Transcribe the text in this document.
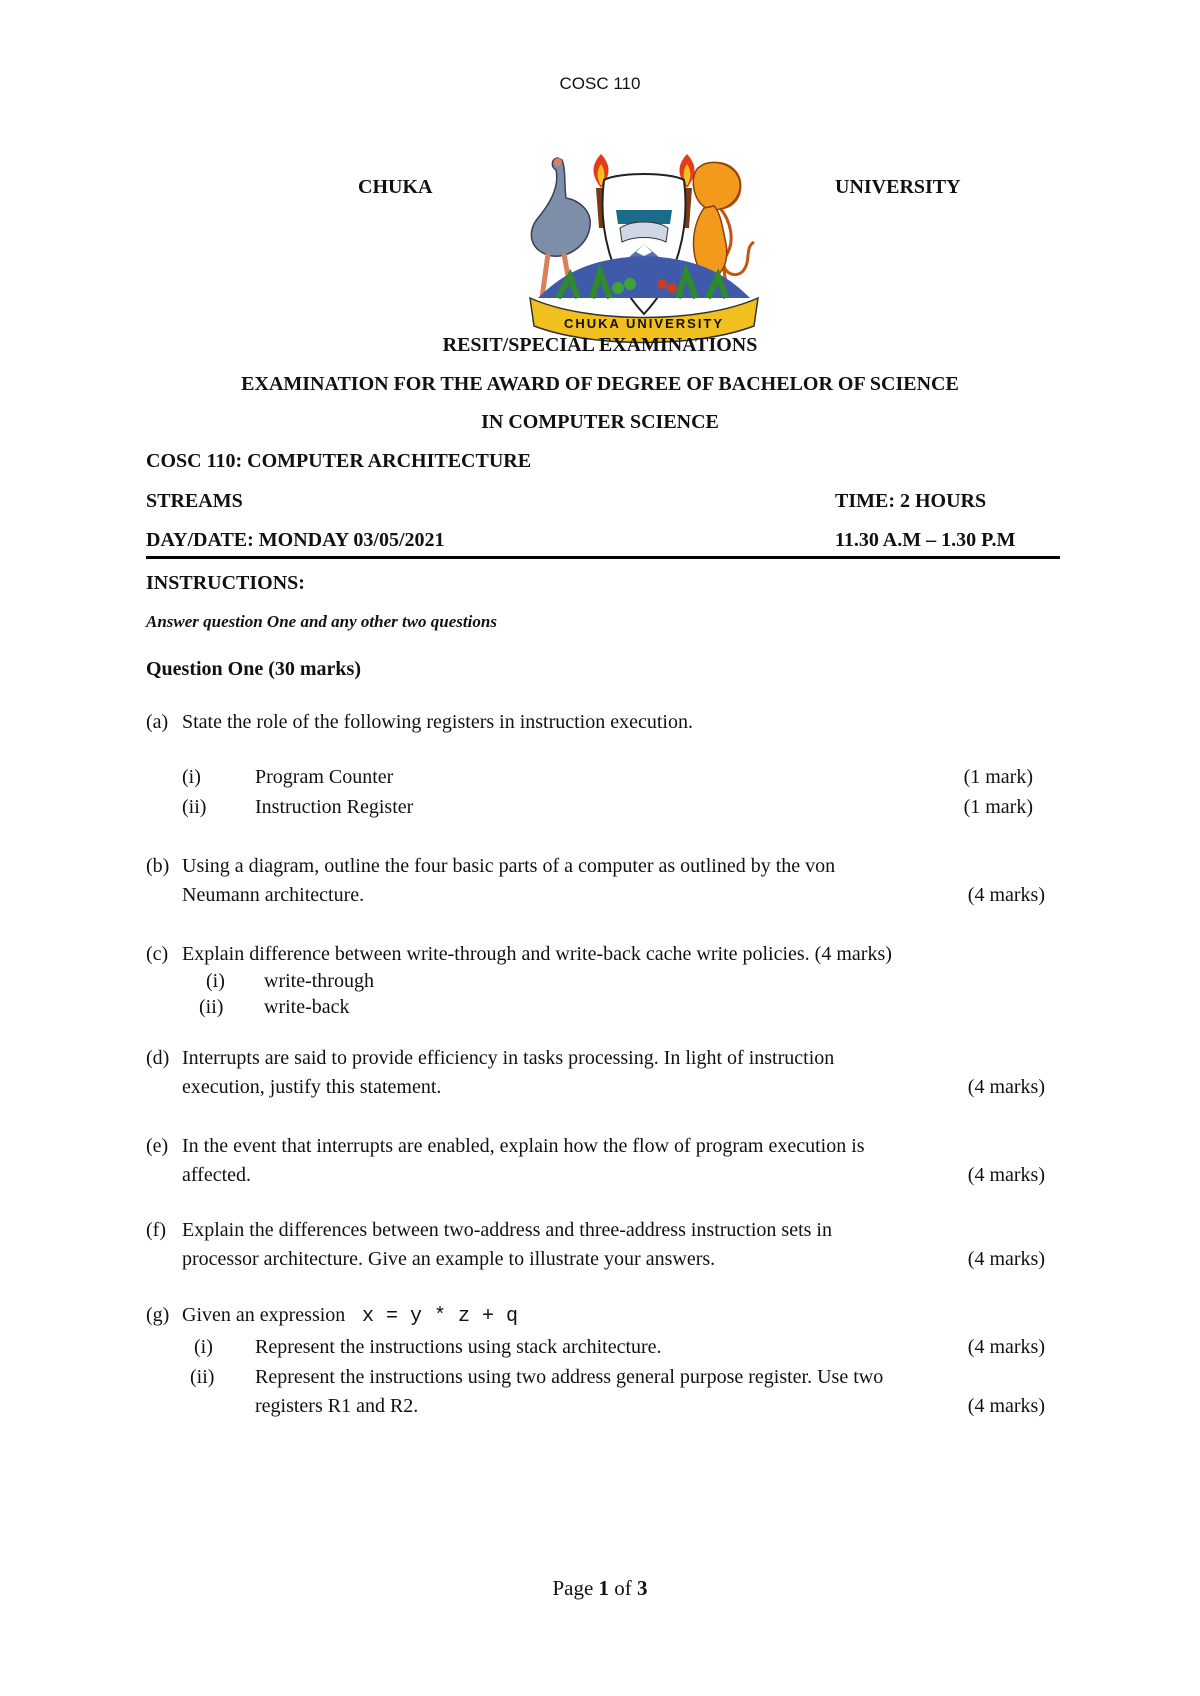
COSC 110
CHUKA	UNIVERSITY
CHUKA UNIVERSITY
RESIT/SPECIAL EXAMINATIONS
EXAMINATION FOR THE AWARD OF DEGREE OF BACHELOR OF SCIENCE
IN COMPUTER SCIENCE
COSC 110: COMPUTER ARCHITECTURE
STREAMS	TIME: 2 HOURS
DAY/DATE: MONDAY 03/05/2021	11.30 A.M – 1.30 P.M
INSTRUCTIONS:
Answer question One and any other two questions
Question One (30 marks)
(a) State the role of the following registers in instruction execution.
(i)	Program Counter	(1 mark)
(ii) Instruction Register	(1 mark)
(b) Using a diagram, outline the four basic parts of a computer as outlined by the von
Neumann architecture.	(4 marks)
(c) Explain difference between write-through and write-back cache write policies. (4 marks)
(i) write-through
(ii) write-back
(d) Interrupts are said to provide efficiency in tasks processing. In light of instruction
execution, justify this statement.	(4 marks)
(e) In the event that interrupts are enabled, explain how the flow of program execution is
affected.	(4 marks)
(f) Explain the differences between two-address and three-address instruction sets in
processor architecture. Give an example to illustrate your answers.	(4 marks)
(g) Given an expression x = y * z + q
(i) Represent the instructions using stack architecture.	(4 marks)
(ii) Represent the instructions using two address general purpose register. Use two
registers R1 and R2.	(4 marks)
Page 1 of 3
